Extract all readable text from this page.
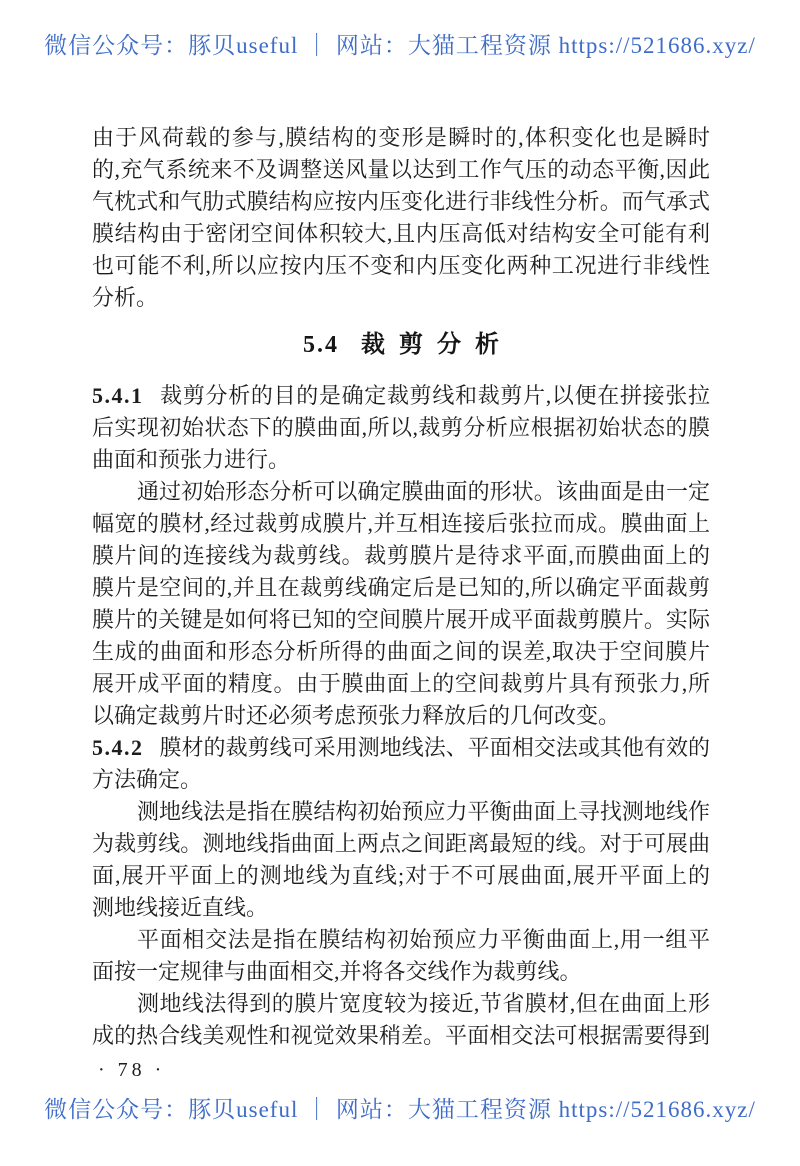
微信公众号：豚贝useful ｜ 网站：大猫工程资源 https://521686.xyz/

由于风荷载的参与,膜结构的变形是瞬时的,体积变化也是瞬时
的,充气系统来不及调整送风量以达到工作气压的动态平衡,因此
气枕式和气肋式膜结构应按内压变化进行非线性分析。而气承式
膜结构由于密闭空间体积较大,且内压高低对结构安全可能有利
也可能不利,所以应按内压不变和内压变化两种工况进行非线性
分析。

5.4 裁剪分析

5.4.1 裁剪分析的目的是确定裁剪线和裁剪片,以便在拼接张拉
后实现初始状态下的膜曲面,所以,裁剪分析应根据初始状态的膜
曲面和预张力进行。

通过初始形态分析可以确定膜曲面的形状。该曲面是由一定
幅宽的膜材,经过裁剪成膜片,并互相连接后张拉而成。膜曲面上
膜片间的连接线为裁剪线。裁剪膜片是待求平面,而膜曲面上的
膜片是空间的,并且在裁剪线确定后是已知的,所以确定平面裁剪
膜片的关键是如何将已知的空间膜片展开成平面裁剪膜片。实际
生成的曲面和形态分析所得的曲面之间的误差,取决于空间膜片
展开成平面的精度。由于膜曲面上的空间裁剪片具有预张力,所
以确定裁剪片时还必须考虑预张力释放后的几何改变。

5.4.2 膜材的裁剪线可采用测地线法、平面相交法或其他有效的
方法确定。

测地线法是指在膜结构初始预应力平衡曲面上寻找测地线作
为裁剪线。测地线指曲面上两点之间距离最短的线。对于可展曲
面,展开平面上的测地线为直线;对于不可展曲面,展开平面上的
测地线接近直线。

平面相交法是指在膜结构初始预应力平衡曲面上,用一组平
面按一定规律与曲面相交,并将各交线作为裁剪线。

测地线法得到的膜片宽度较为接近,节省膜材,但在曲面上形
成的热合线美观性和视觉效果稍差。平面相交法可根据需要得到

· 78 ·
微信公众号：豚贝useful ｜ 网站：大猫工程资源 https://521686.xyz/
